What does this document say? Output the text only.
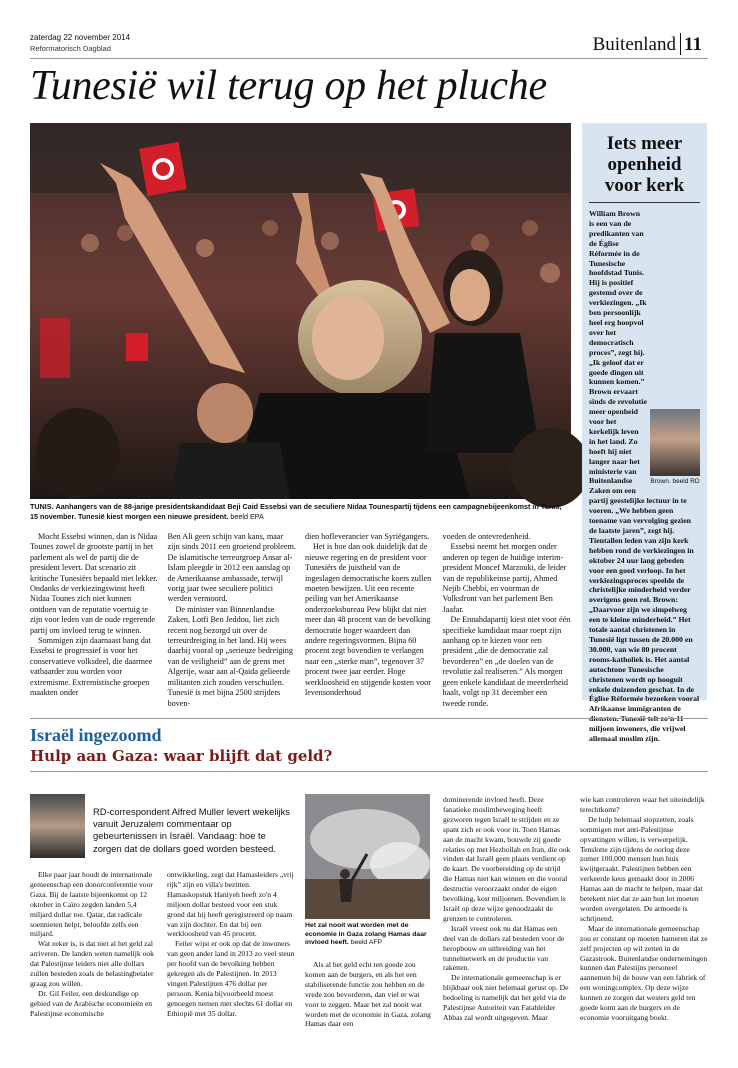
zaterdag 22 november 2014
Reformatorisch Dagblad	Buitenland 11
Tunesië wil terug op het pluche
TUNIS. Aanhangers van de 88-jarige presidentskandidaat Beji Caid Essebsi van de seculiere Nidaa Tounespartij tijdens een campagnebijeenkomst in Tunis, 15 november. Tunesië kiest morgen een nieuwe president. beeld EPA

Mocht Essebsi winnen, dan is Nidaa Tounes zowel de grootste partij in het parlement als wel de partij die de president levert. Dat scenario zit kritische Tunesiërs bepaald niet lekker. Ondanks de verkiezingswinst heeft Nidaa Tounes zich niet kunnen ontdoen van de reputatie voertuig te zijn voor leden van de oude regerende partij om invloed terug te winnen.

Sommigen zijn daarnaast bang dat Essebsi te progressief is voor het conservatieve volksdeel, die daarmee vatbaarder zou worden voor extremisme. Extremistische groepen maakten onder

Ben Ali geen schijn van kans, maar zijn sinds 2011 een groeiend probleem. De islamitische terreurgroep Ansar al-Islam pleegde in 2012 een aanslag op de Amerikaanse ambassade, terwijl vorig jaar twee seculiere politici werden vermoord.

De minister van Binnenlandse Zaken, Lotfi Ben Jeddou, liet zich recent nog bezorgd uit over de terreurdreiging in het land. Hij wees daarbij vooral op „serieuze bedreiging van de veiligheid” aan de grens met Algerije, waar aan al-Qaida gelieerde militanten zich zouden verschuilen. Tunesië is met bijna 2500 strijders boven-

dien hofleverancier van Syriëgangers.

Het is hoe dan ook duidelijk dat de nieuwe regering en de president voor Tunesiërs de juistheid van de ingeslagen democratische koers zullen moeten bewijzen. Uit een recente peiling van het Amerikaanse onderzoeksbureau Pew blijkt dat niet meer dan 48 procent van de bevolking democratie hoger waardeert dan andere regeringsvormen. Bijna 60 procent zegt bovendien te verlangen naar een „sterke man”, tegenover 37 procent twee jaar eerder. Hoge werkloosheid en stijgende kosten voor levensonderhoud

voeden de ontevredenheid.

Essebsi neemt het morgen onder anderen op tegen de huidige interim-president Moncef Marzouki, de leider van de republikeinse partij, Ahmed Nejib Chebbi, en voorman de Volksfront van het parlement Ben Jaafar.

De Ennahdapartij kiest niet voor één specifieke kandidaat maar roept zijn aanhang op te kiezen voor een president „die de democratie zal bevorderen” en „de doelen van de revolutie zal realiseren.” Als morgen geen enkele kandidaat de meerderheid haalt, volgt op 31 december een tweede ronde.

Iets meer openheid voor kerk
Brown. beeld RD

William Brown is een van de predikanten van de Église Réformée in de Tunesische hoofdstad Tunis. Hij is positief gestemd over de verkiezingen. „Ik ben persoonlijk heel erg hoopvol over het democratisch proces”, zegt hij. „Ik geloof dat er goede dingen uit kunnen komen.” Brown ervaart sinds de revolutie meer openheid voor het kerkelijk leven in het land. Zo hoeft hij niet langer naar het ministerie van Buitenlandse Zaken om een partij geestelijke lectuur in te voeren. „We hebben geen toename van vervolging gezien de laatste jaren”, zegt hij. Tientallen leden van zijn kerk hebben rond de verkiezingen in oktober 24 uur lang gebeden voor een goed verloop. In het verkiezingsproces speelde de christelijke minderheid verder overigens geen rol. Brown: „Daarvoor zijn we simpelweg een te kleine minderheid.” Het totale aantal christenen in Tunesië ligt tussen de 20.000 en 30.000, van wie 80 procent rooms-katholiek is. Het aantal autochtone Tunesische christenen wordt op hooguit enkele duizenden geschat. In de Église Réformée bezoeken vooral Afrikaanse immigranten de miljoen inwoners, die vrijwel allemaal moslim zijn.

Israël ingezoomd
Hulp aan Gaza: waar blijft dat geld?
RD-correspondent Alfred Muller levert wekelijks vanuit Jeruzalem commentaar op gebeurtenissen in Israël. Vandaag: hoe te zorgen dat de dollars goed worden besteed.
Het zal nooit wat worden met de economie in Gaza zolang Hamas daar invloed heeft. beeld AFP

Elke paar jaar houdt de internationale gemeenschap een donorconferentie voor Gaza. Bij de laatste bijeenkomst op 12 oktober in Caïro zegden landen 5,4 miljard dollar toe. Qatar, dat radicale soennieten helpt, beloofde zelfs een miljard.

Wat zeker is, is dat niet al het geld zal arriveren. De landen weten namelijk ook dat Palestijnse leiders niet alle dollars zullen besteden zoals de belastingbetaler graag zou willen.

Dr. Gil Feiler, een deskundige op gebied van de Arabische economieën en Palestijnse economische

ontwikkeling, zegt dat Hamasleiders „vrij rijk” zijn en villa's bezitten. Hamaskopstuk Haniyeh heeft zo'n 4 miljoen dollar besteed voor een stuk grond dat hij heeft geregistreerd op naam van zijn dochter. En dat bij een werkloosheid van 45 procent.

Feiler wijst er ook op dat de inwoners van geen ander land in 2013 zo veel steun per hoofd van de bevolking hebben gekregen als de Palestijnen. In 2013 vingen Palestijnen 476 dollar per persoon. Kenia bijvoorbeeld moest genoegen nemen met slechts 61 dollar en Ethiopië met 35 dollar.

Als al het geld echt ten goede zou komen aan de burgers, en als het een stabiliserende functie zou hebben en de vrede zou bevorderen, dan viel er wat voor te zeggen. Maar het zal nooit wat worden met de economie in Gaza, zolang Hamas daar een

dominerende invloed heeft. Deze fanatieke moslimbeweging heeft gezworen tegen Israël te strijden en ze spant zich er ook voor in. Toen Hamas aan de macht kwam, bouwde zij goede relaties op met Hezbollah en Iran, die ook vinden dat Israël geen plaats verdient op de kaart. De voorbereiding op de strijd die Hamas niet kan winnen en die vooral destructie veroorzaakt onder de eigen bevolking, kost miljoenen. Bovendien is Israël op deze wijze genoodzaakt de grenzen te controleren.

Israël vreest ook nu dat Hamas een deel van de dollars zal besteden voor de heropbouw en uitbreiding van het tunnelnetwerk en de productie van raketten.

De internationale gemeenschap is er blijkbaar ook niet helemaal gerust op. De bedoeling is namelijk dat het geld via de Palestijnse Autoriteit van Fatahleider Abbas zal wordt uitgegeven. Maar

wie kan controleren waar het uiteindelijk terechtkomt?

De hulp helemaal stopzetten, zoals sommigen met anti-Palestijnse opvattingen willen, is verwerpelijk. Tenslotte zijn tijdens de oorlog deze zomer 100.000 mensen hun huis kwijtgeraakt. Palestijnen hebben een verkeerde keus gemaakt door in 2006 Hamas aan de macht te helpen, maar dat betekent niet dat ze aan hun lot moeten worden overgelaten. De armoede is schrijnend.

Maar de internationale gemeenschap zou er constant op moeten hameren dat ze zelf projecten op wil zetten in de Gazastrook. Buitenlandse ondernemingen kunnen dan Palestijns personeel aannemen bij de bouw van een fabriek of een woningcomplex. Op deze wijze kunnen ze zorgen dat westers geld ten goede komt aan de burgers en de economie vooruitgang boekt.
